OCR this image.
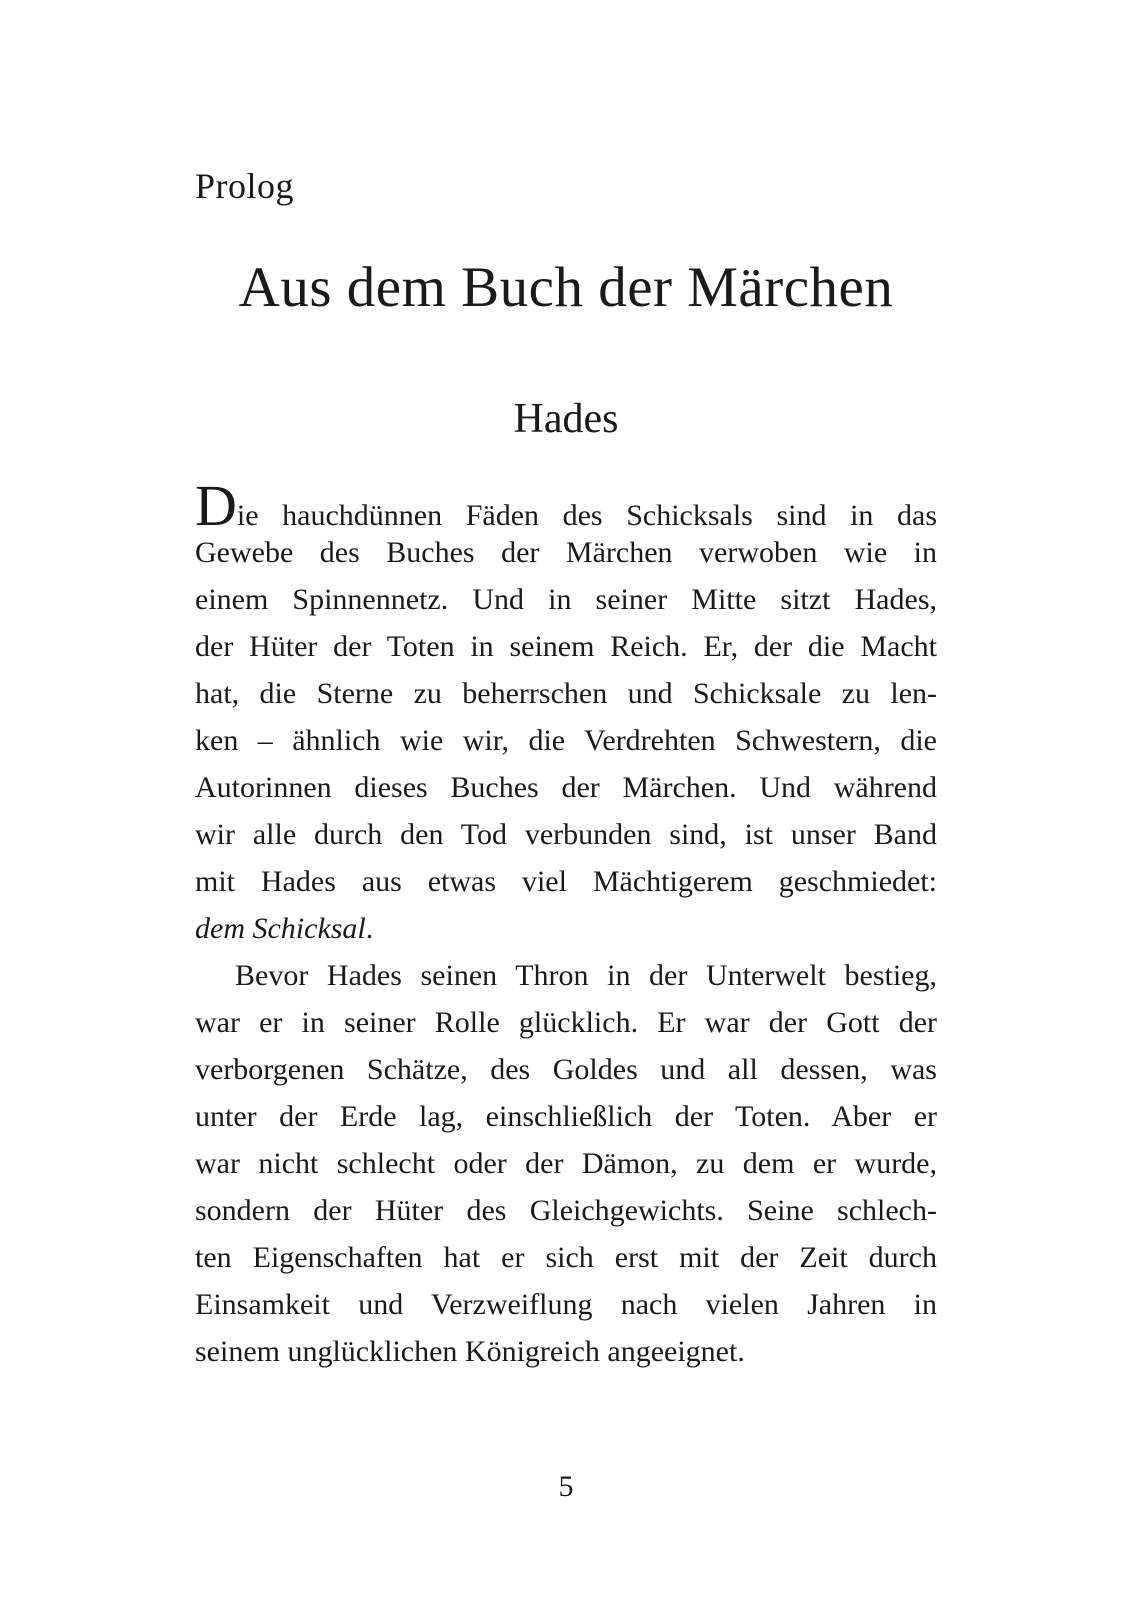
Prolog
Aus dem Buch der Märchen
Hades
Die hauchdünnen Fäden des Schicksals sind in das
Gewebe des Buches der Märchen verwoben wie in
einem Spinnennetz. Und in seiner Mitte sitzt Hades,
der Hüter der Toten in seinem Reich. Er, der die Macht
hat, die Sterne zu beherrschen und Schicksale zu len-
ken – ähnlich wie wir, die Verdrehten Schwestern, die
Autorinnen dieses Buches der Märchen. Und während
wir alle durch den Tod verbunden sind, ist unser Band
mit Hades aus etwas viel Mächtigerem geschmiedet:
dem Schicksal.
Bevor Hades seinen Thron in der Unterwelt bestieg,
war er in seiner Rolle glücklich. Er war der Gott der
verborgenen Schätze, des Goldes und all dessen, was
unter der Erde lag, einschließlich der Toten. Aber er
war nicht schlecht oder der Dämon, zu dem er wurde,
sondern der Hüter des Gleichgewichts. Seine schlech-
ten Eigenschaften hat er sich erst mit der Zeit durch
Einsamkeit und Verzweiflung nach vielen Jahren in
seinem unglücklichen Königreich angeeignet.
5
